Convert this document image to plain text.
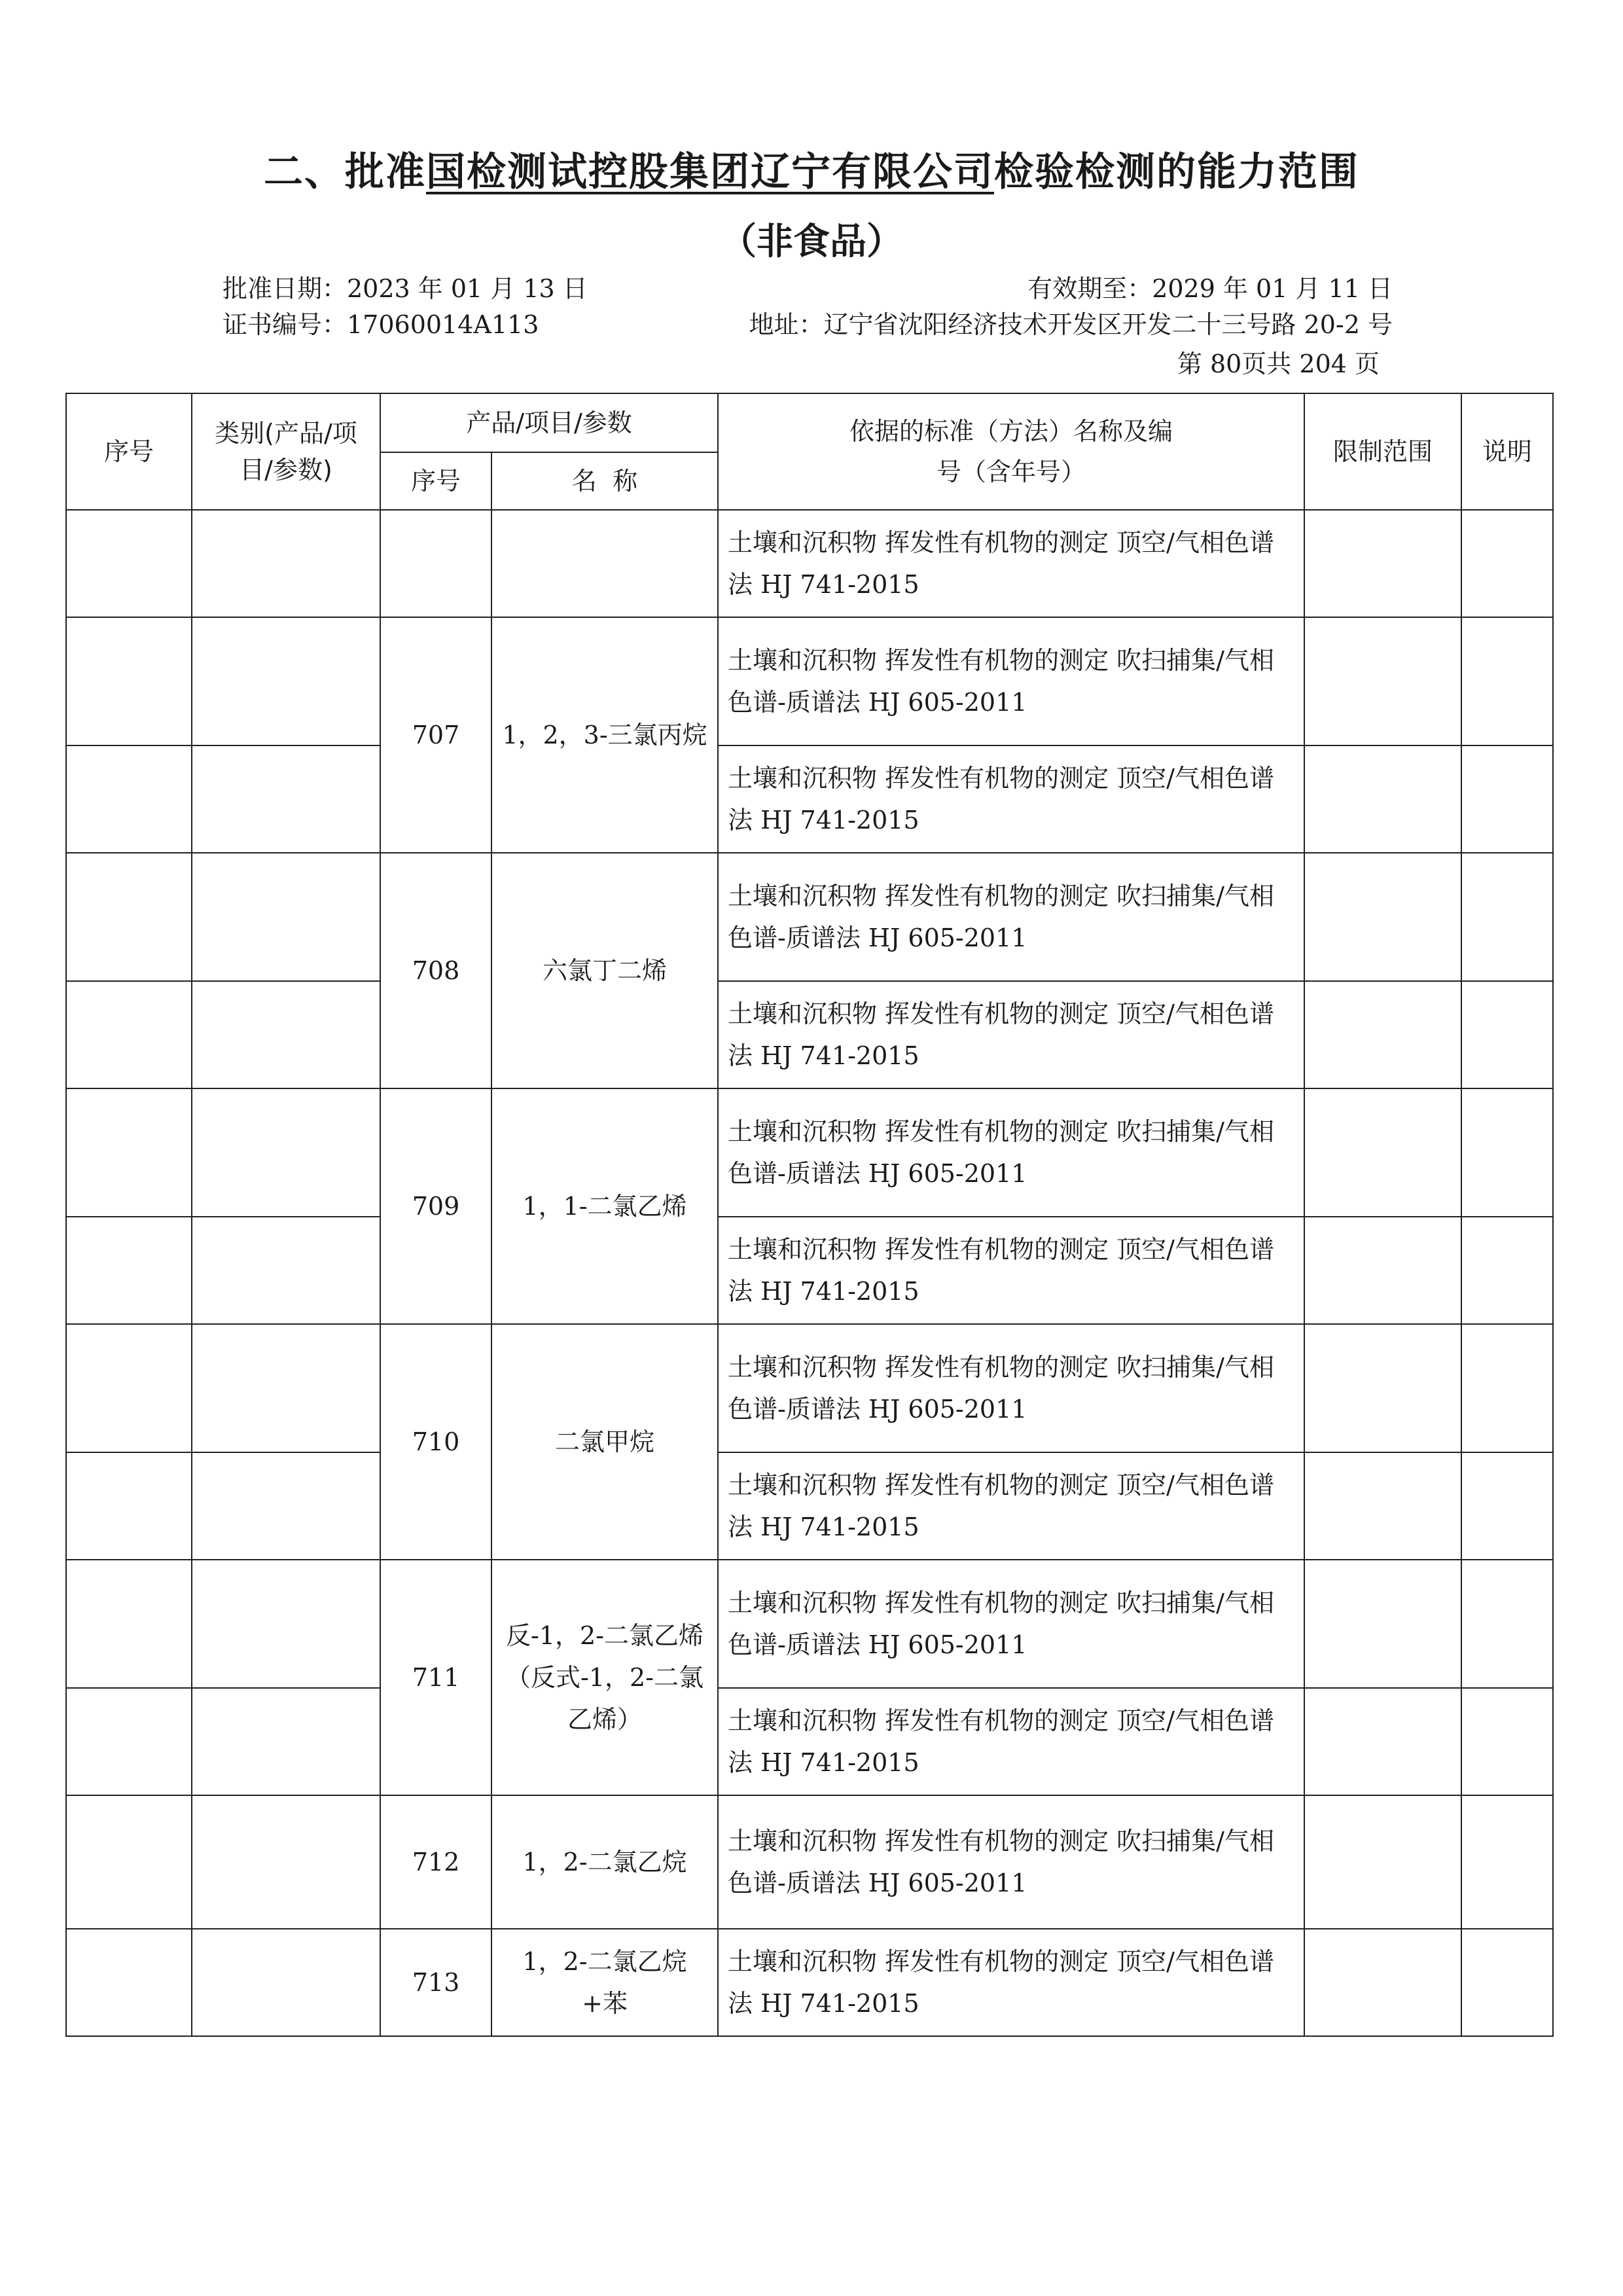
二、批准国检测试控股集团辽宁有限公司检验检测的能力范围
（非食品）
批准日期：2023 年 01 月 13 日	有效期至：2029 年 01 月 11 日
证书编号：17060014A113	地址：辽宁省沈阳经济技术开发区开发二十三号路 20-2 号
第 80页共 204 页
序号	类别(产品/项目/参数)	产品/项目/参数		依据的标准（方法）名称及编号（含年号）	限制范围	说明
		序号	名  称			
				土壤和沉积物 挥发性有机物的测定 顶空/气相色谱法 HJ 741-2015		
		707	1，2，3-三氯丙烷	土壤和沉积物 挥发性有机物的测定 吹扫捕集/气相色谱-质谱法 HJ 605-2011		
				土壤和沉积物 挥发性有机物的测定 顶空/气相色谱法 HJ 741-2015		
		708	六氯丁二烯	土壤和沉积物 挥发性有机物的测定 吹扫捕集/气相色谱-质谱法 HJ 605-2011		
				土壤和沉积物 挥发性有机物的测定 顶空/气相色谱法 HJ 741-2015		
		709	1，1-二氯乙烯	土壤和沉积物 挥发性有机物的测定 吹扫捕集/气相色谱-质谱法 HJ 605-2011		
				土壤和沉积物 挥发性有机物的测定 顶空/气相色谱法 HJ 741-2015		
		710	二氯甲烷	土壤和沉积物 挥发性有机物的测定 吹扫捕集/气相色谱-质谱法 HJ 605-2011		
				土壤和沉积物 挥发性有机物的测定 顶空/气相色谱法 HJ 741-2015		
		711	反-1，2-二氯乙烯（反式-1，2-二氯乙烯）	土壤和沉积物 挥发性有机物的测定 吹扫捕集/气相色谱-质谱法 HJ 605-2011		
				土壤和沉积物 挥发性有机物的测定 顶空/气相色谱法 HJ 741-2015		
		712	1，2-二氯乙烷	土壤和沉积物 挥发性有机物的测定 吹扫捕集/气相色谱-质谱法 HJ 605-2011		
		713	1，2-二氯乙烷+苯	土壤和沉积物 挥发性有机物的测定 顶空/气相色谱法 HJ 741-2015		
